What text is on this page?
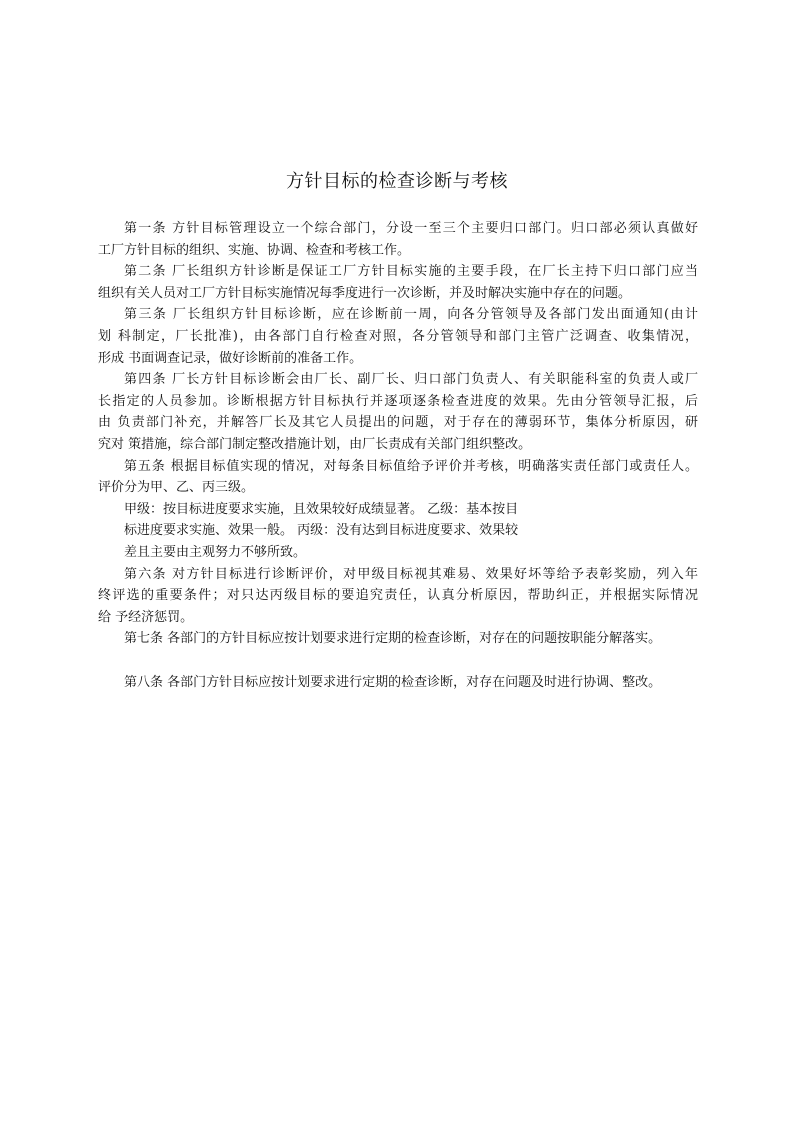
方针目标的检查诊断与考核

第一条 方针目标管理设立一个综合部门，分设一至三个主要归口部门。归口部必须认真做好
工厂方针目标的组织、实施、协调、检查和考核工作。

第二条 厂长组织方针诊断是保证工厂方针目标实施的主要手段，在厂长主持下归口部门应当
组织有关人员对工厂方针目标实施情况每季度进行一次诊断，并及时解决实施中存在的问题。

第三条 厂长组织方针目标诊断，应在诊断前一周，向各分管领导及各部门发出面通知(由计
划 科制定，厂长批准)，由各部门自行检查对照，各分管领导和部门主管广泛调查、收集情况，
形成 书面调查记录，做好诊断前的准备工作。

第四条 厂长方针目标诊断会由厂长、副厂长、归口部门负责人、有关职能科室的负责人或厂
长指定的人员参加。诊断根据方针目标执行并逐项逐条检查进度的效果。先由分管领导汇报，后
由 负责部门补充，并解答厂长及其它人员提出的问题，对于存在的薄弱环节，集体分析原因，研
究对 策措施，综合部门制定整改措施计划，由厂长责成有关部门组织整改。

第五条 根据目标值实现的情况，对每条目标值给予评价并考核，明确落实责任部门或责任人。
评价分为甲、乙、丙三级。

甲级：按目标进度要求实施，且效果较好成绩显著。 乙级：基本按目

标进度要求实施、效果一般。 丙级：没有达到目标进度要求、效果较

差且主要由主观努力不够所致。

第六条 对方针目标进行诊断评价，对甲级目标视其难易、效果好坏等给予表彰奖励，列入年
终评选的重要条件；对只达丙级目标的要追究责任，认真分析原因，帮助纠正，并根据实际情况
给 予经济惩罚。

第七条 各部门的方针目标应按计划要求进行定期的检查诊断，对存在的问题按职能分解落实。

第八条 各部门方针目标应按计划要求进行定期的检查诊断，对存在问题及时进行协调、整改。
